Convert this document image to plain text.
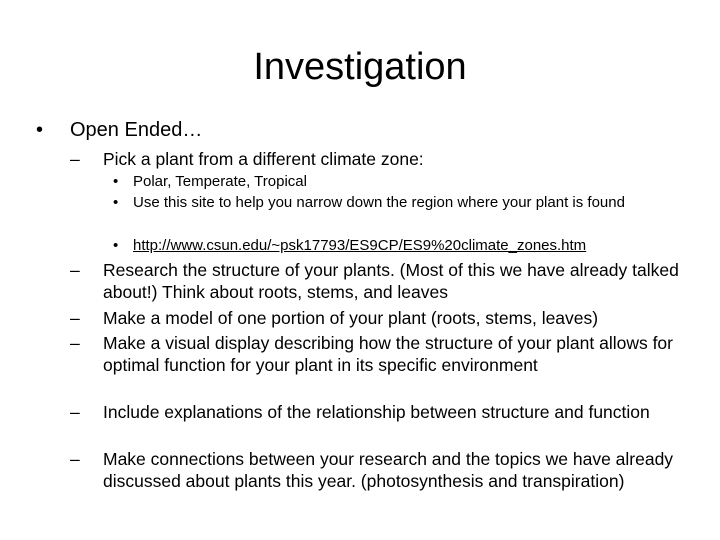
Investigation
•	Open Ended…
–	Pick a plant from a different climate zone:
• Polar, Temperate, Tropical
• Use this site to help you narrow down the region where your plant is found
• http://www.csun.edu/~psk17793/ES9CP/ES9%20climate_zones.htm
–	Research the structure of your plants. (Most of this we have already talked about!) Think about roots, stems, and leaves
–	Make a model of one portion of your plant (roots, stems, leaves)
–	Make a visual display describing how the structure of your plant allows for optimal function for your plant in its specific environment
–	Include explanations of the relationship between structure and function
–	Make connections between your research and the topics we have already discussed about plants this year. (photosynthesis and transpiration)
